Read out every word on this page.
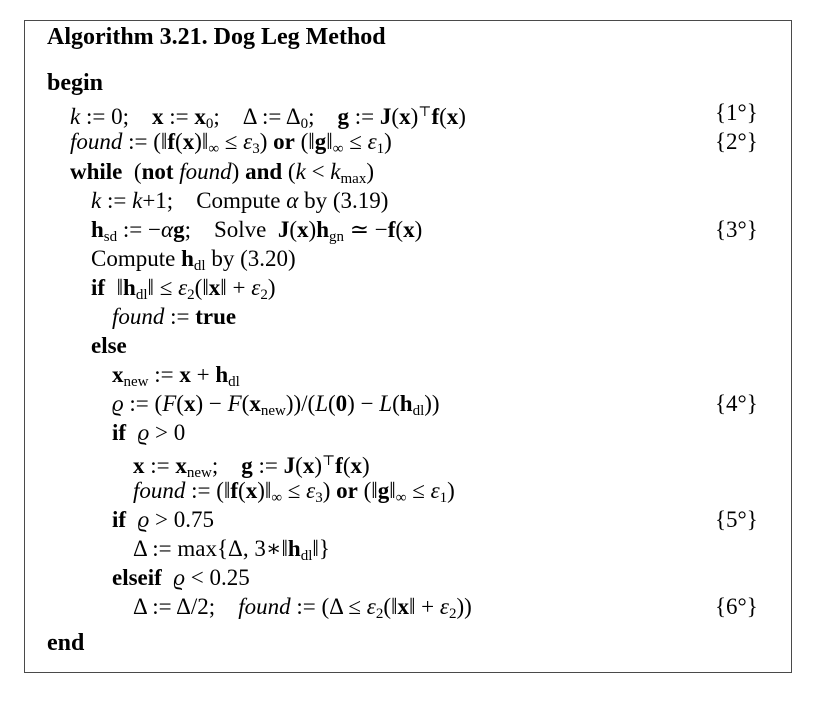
Algorithm 3.21. Dog Leg Method
begin
k := 0;    x := $x_0$;    Δ := $\Delta_0$;    g := J(x)⊤f(x)	{1°}
found := $(‖f(x)‖_\infty \le \varepsilon_3)$ or $(‖g‖_\infty \le \varepsilon_1)$	{2°}
while  (not found) and $(k < k_{max})$
k := k+1;    Compute α by (3.19)
$h_{sd}$ := −αg;    Solve $J(x)h_{gn}$ ≃ −f(x)	{3°}
Compute $h_{dl}$ by (3.20)
if  $‖h_{dl}‖$ ≤ $\varepsilon_2(‖x‖ + \varepsilon_2)$
found := true
else
$x_{new}$ := $x + h_{dl}$
ϱ := $(F(x) - F(x_{new}))/(L(0) - L(h_{dl}))$	{4°}
if ϱ > 0
x := $x_{new}$;    g := J(x)⊤f(x)
found := $(‖f(x)‖_\infty \le \varepsilon_3)$ or $(‖g‖_\infty \le \varepsilon_1)$
if ϱ > 0.75	{5°}
Δ := max{Δ, $3∗‖h_{dl}‖$}
elseif ϱ < 0.25
Δ := Δ/2;    found := $(\Delta \le \varepsilon_2(‖x‖ + \varepsilon_2))$	{6°}
end
